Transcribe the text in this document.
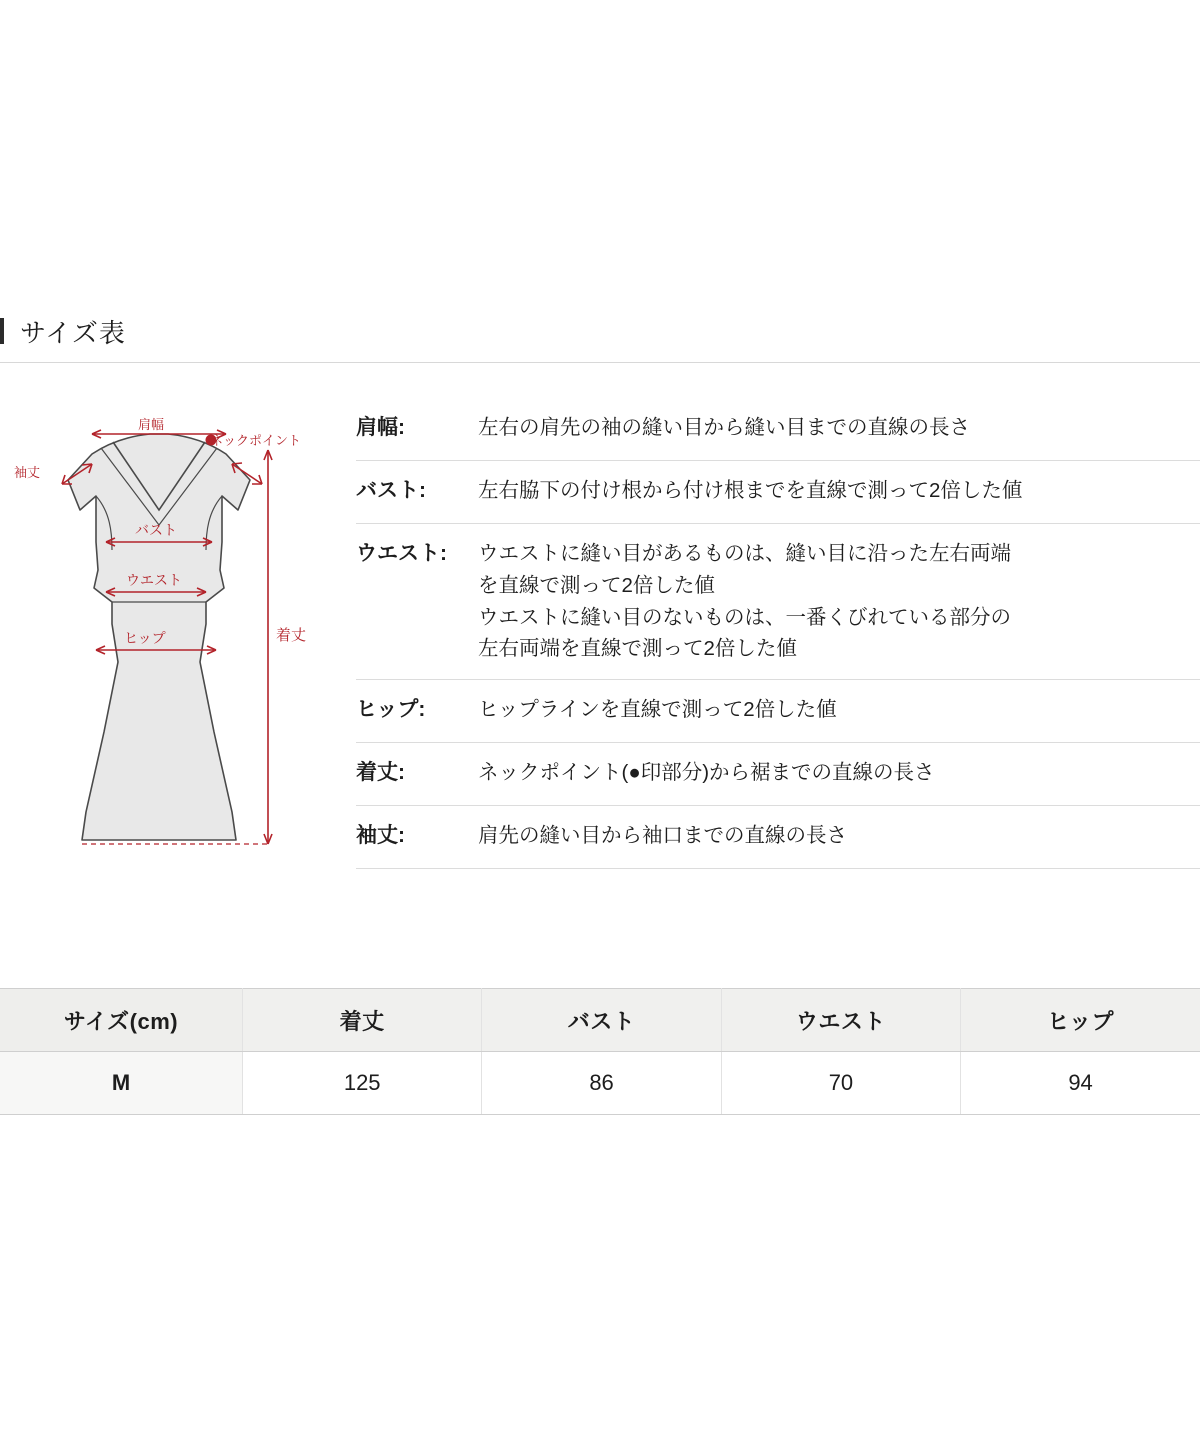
サイズ表
肩幅
ネックポイント
袖丈
バスト
ウエスト
ヒップ	着丈
肩幅:	左右の肩先の袖の縫い目から縫い目までの直線の長さ
バスト:	左右脇下の付け根から付け根までを直線で測って2倍した値
ウエスト:	ウエストに縫い目があるものは、縫い目に沿った左右両端
を直線で測って2倍した値
ウエストに縫い目のないものは、一番くびれている部分の
左右両端を直線で測って2倍した値
ヒップ:	ヒップラインを直線で測って2倍した値
着丈:	ネックポイント(●印部分)から裾までの直線の長さ
袖丈:	肩先の縫い目から袖口までの直線の長さ
サイズ(cm)	着丈	バスト	ウエスト	ヒップ
M	125	86	70	94
